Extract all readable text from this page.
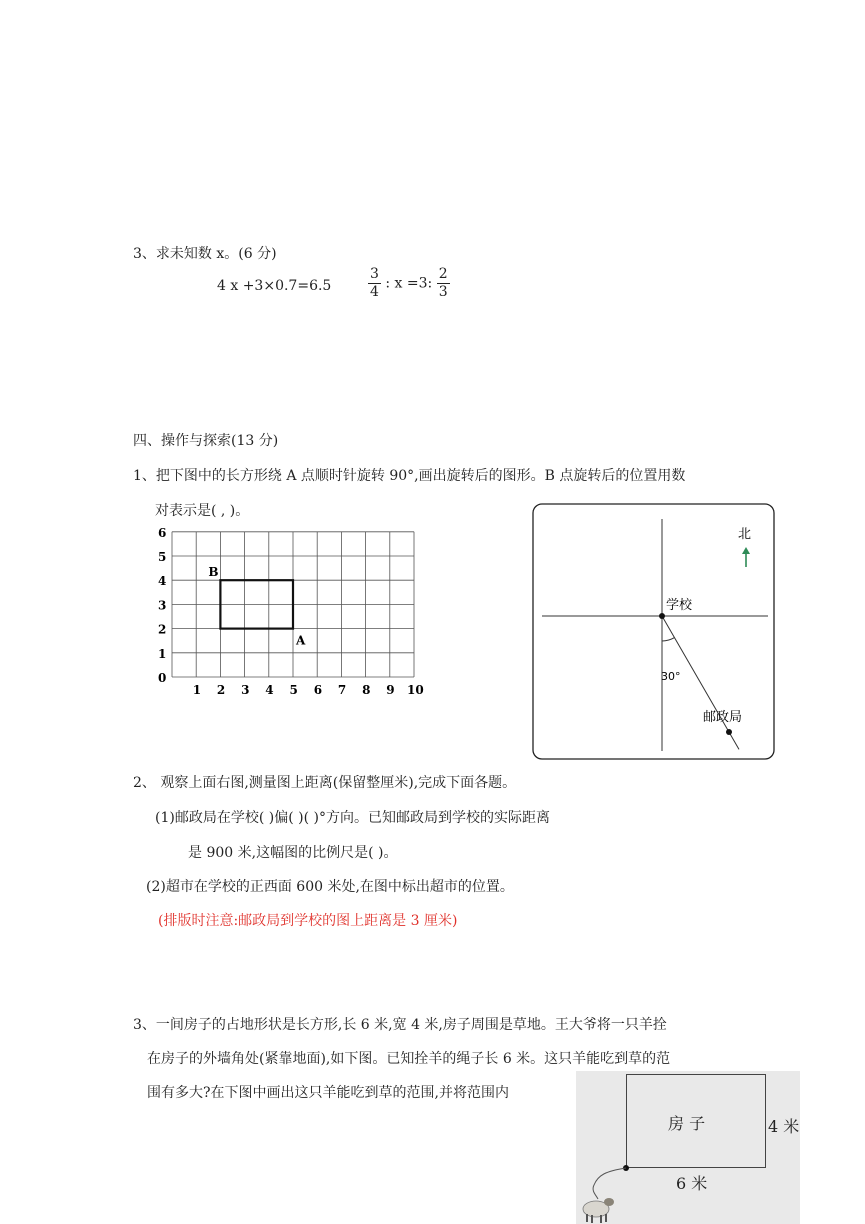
3、求未知数 x。(6 分)
4 x +3×0.7=6.5	$\frac{3}{4}$ : x =3: $\frac{2}{3}$
四、操作与探索(13 分)
1、把下图中的长方形绕 A 点顺时针旋转 90°,画出旋转后的图形。B 点旋转后的位置用数
对表示是( , )。
0
1
2
3
4
5
6
1 2 3 4 5 6 7 8 9 10
B
A
学校
30°
邮政局
北
2、 观察上面右图,测量图上距离(保留整厘米),完成下面各题。
(1)邮政局在学校( )偏( )( )°方向。已知邮政局到学校的实际距离
是 900 米,这幅图的比例尺是( )。
(2)超市在学校的正西面 600 米处,在图中标出超市的位置。
(排版时注意:邮政局到学校的图上距离是 3 厘米)
3、一间房子的占地形状是长方形,长 6 米,宽 4 米,房子周围是草地。王大爷将一只羊拴
在房子的外墙角处(紧靠地面),如下图。已知拴羊的绳子长 6 米。这只羊能吃到草的范
围有多大?在下图中画出这只羊能吃到草的范围,并将范围内
房 子	4 米
6 米
